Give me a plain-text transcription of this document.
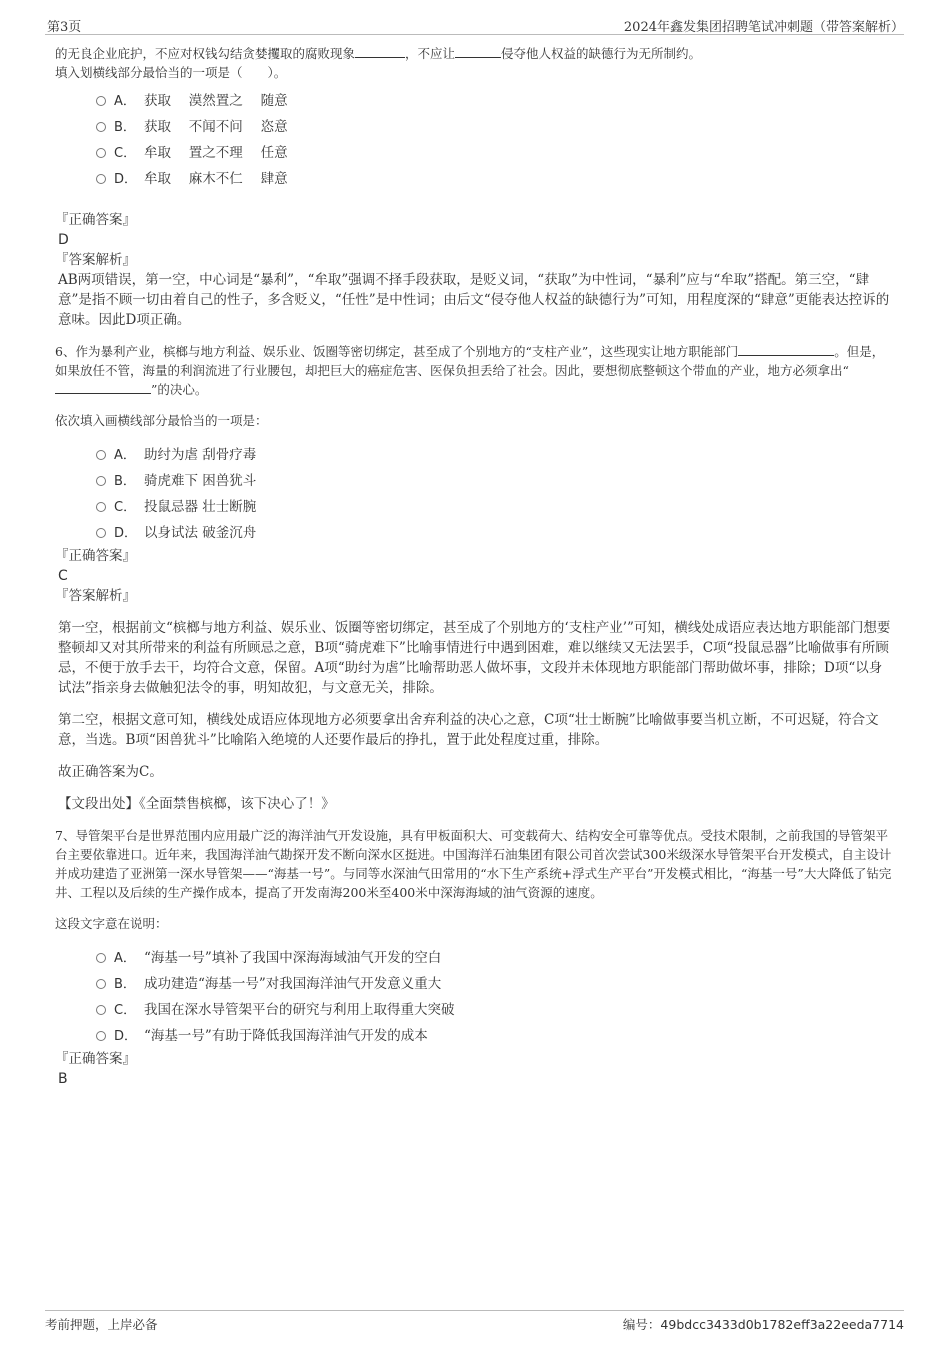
第3页	2024年鑫发集团招聘笔试冲刺题（带答案解析）

的无良企业庇护，不应对权钱勾结贪婪攫取的腐败现象	，不应让	侵夺他人权益的缺德行为无所制约。

填入划横线部分最恰当的一项是（　　）。

A． 获取　 漠然置之　 随意
B． 获取　 不闻不问　 恣意
C． 牟取　 置之不理　 任意
D． 牟取　 麻木不仁　 肆意

『正确答案』

D

『答案解析』

AB两项错误，第一空，中心词是“暴利”，“牟取”强调不择手段获取，是贬义词，“获取”为中性词，“暴利”应与“牟取”搭配。第三空，“肆意”是指不顾一切由着自己的性子，多含贬义，“任性”是中性词；由后文“侵夺他人权益的缺德行为”可知，用程度深的“肆意”更能表达控诉的意味。因此D项正确。

6、作为暴利产业，槟榔与地方利益、娱乐业、饭圈等密切绑定，甚至成了个别地方的“支柱产业”，这些现实让地方职能部门	。但是，如果放任不管，海量的利润流进了行业腰包，却把巨大的癌症危害、医保负担丢给了社会。因此，要想彻底整顿这个带血的产业，地方必须拿出“”的决心。

依次填入画横线部分最恰当的一项是：

A． 助纣为虐 刮骨疗毒
B． 骑虎难下 困兽犹斗
C． 投鼠忌器 壮士断腕
D． 以身试法 破釜沉舟

『正确答案』

C

『答案解析』

第一空，根据前文“槟榔与地方利益、娱乐业、饭圈等密切绑定，甚至成了个别地方的‘支柱产业’”可知，横线处成语应表达地方职能部门想要整顿却又对其所带来的利益有所顾忌之意，B项“骑虎难下”比喻事情进行中遇到困难，难以继续又无法罢手，C项“投鼠忌器”比喻做事有所顾忌，不便于放手去干，均符合文意，保留。A项“助纣为虐”比喻帮助恶人做坏事，文段并未体现地方职能部门帮助做坏事，排除；D项“以身试法”指亲身去做触犯法令的事，明知故犯，与文意无关，排除。

第二空，根据文意可知，横线处成语应体现地方必须要拿出舍弃利益的决心之意，C项“壮士断腕”比喻做事要当机立断，不可迟疑，符合文意，当选。B项“困兽犹斗”比喻陷入绝境的人还要作最后的挣扎，置于此处程度过重，排除。

故正确答案为C。

【文段出处】《全面禁售槟榔，该下决心了！》

7、导管架平台是世界范围内应用最广泛的海洋油气开发设施，具有甲板面积大、可变载荷大、结构安全可靠等优点。受技术限制，之前我国的导管架平台主要依靠进口。近年来，我国海洋油气勘探开发不断向深水区挺进。中国海洋石油集团有限公司首次尝试300米级深水导管架平台开发模式，自主设计并成功建造了亚洲第一深水导管架——“海基一号”。与同等水深油气田常用的“水下生产系统+浮式生产平台”开发模式相比，“海基一号”大大降低了钻完井、工程以及后续的生产操作成本，提高了开发南海200米至400米中深海海域的油气资源的速度。

这段文字意在说明：

A． “海基一号”填补了我国中深海海域油气开发的空白
B． 成功建造“海基一号”对我国海洋油气开发意义重大
C． 我国在深水导管架平台的研究与利用上取得重大突破
D． “海基一号”有助于降低我国海洋油气开发的成本

『正确答案』

B

考前押题，上岸必备	编号：49bdcc3433d0b1782eff3a22eeda7714
